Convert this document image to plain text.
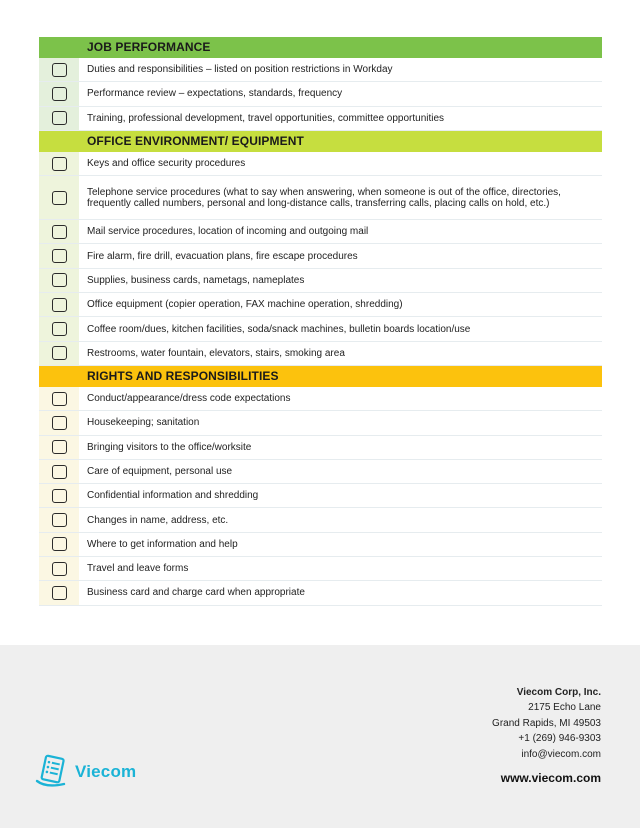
JOB PERFORMANCE
Duties and responsibilities – listed on position restrictions in Workday
Performance review – expectations, standards, frequency
Training, professional development, travel opportunities, committee opportunities
OFFICE ENVIRONMENT/ EQUIPMENT
Keys and office security procedures
Telephone service procedures (what to say when answering, when someone is out of the office, directories, frequently called numbers, personal and long-distance calls, transferring calls, placing calls on hold, etc.)
Mail service procedures, location of incoming and outgoing mail
Fire alarm, fire drill, evacuation plans, fire escape procedures
Supplies, business cards, nametags, nameplates
Office equipment (copier operation, FAX machine operation, shredding)
Coffee room/dues, kitchen facilities, soda/snack machines, bulletin boards location/use
Restrooms, water fountain, elevators, stairs, smoking area
RIGHTS AND RESPONSIBILITIES
Conduct/appearance/dress code expectations
Housekeeping; sanitation
Bringing visitors to the office/worksite
Care of equipment, personal use
Confidential information and shredding
Changes in name, address, etc.
Where to get information and help
Travel and leave forms
Business card and charge card when appropriate
Viecom
Viecom Corp, Inc.
2175 Echo Lane
Grand Rapids, MI 49503
+1 (269) 946-9303
info@viecom.com
www.viecom.com
